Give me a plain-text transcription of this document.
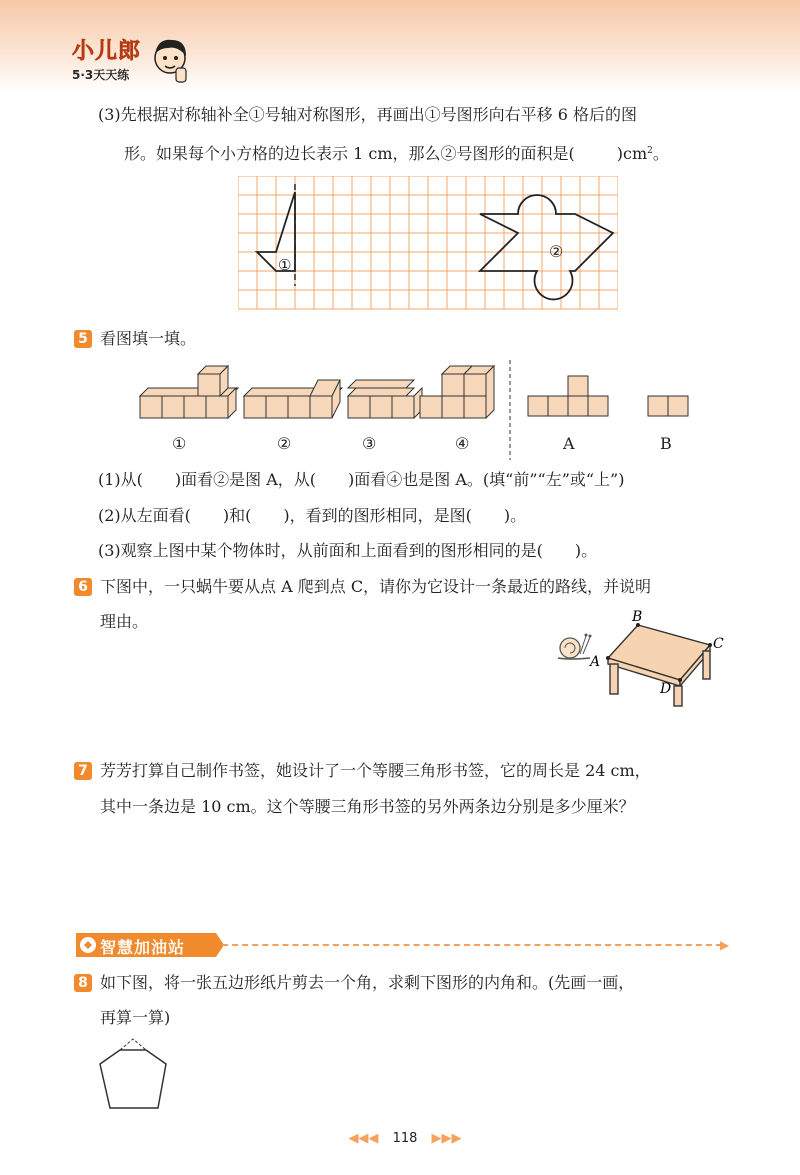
小儿郎
5·3天天练
(3)先根据对称轴补全①号轴对称图形，再画出①号图形向右平移 6 格后的图
形。如果每个小方格的边长表示 1 cm，那么②号图形的面积是(	)$cm^2$。
①
②
5 看图填一填。
①	②	③	④	A	B
(1)从(　　)面看②是图 A，从(　　)面看④也是图 A。(填“前”“左”或“上”)
(2)从左面看(　　)和(　　)，看到的图形相同，是图(　　)。
(3)观察上图中某个物体时，从前面和上面看到的图形相同的是(　　)。
6 下图中，一只蜗牛要从点 A 爬到点 C，请你为它设计一条最近的路线，并说明
理由。
A
B
C
D
7 芳芳打算自己制作书签，她设计了一个等腰三角形书签，它的周长是 24 cm，
其中一条边是 10 cm。这个等腰三角形书签的另外两条边分别是多少厘米？
智慧加油站	▶
8 如下图，将一张五边形纸片剪去一个角，求剩下图形的内角和。(先画一画，
再算一算)
◀◀◀ 118 ▶▶▶
